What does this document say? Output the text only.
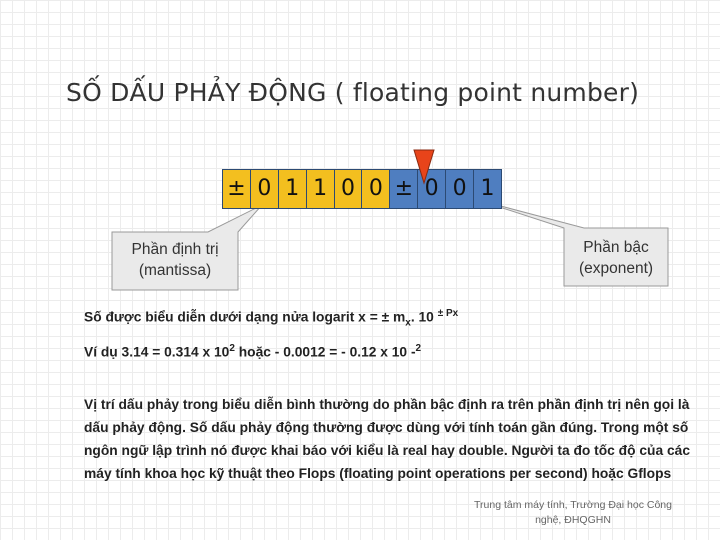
SỐ DẤU PHẢY ĐỘNG ( floating point number)
± 0 1 1 0 0 ± 0 0 1
Phần định trị
(mantissa)
Phần bậc
(exponent)
Số được biểu diễn dưới dạng nửa logarit x = ± $m_x$. 10 $^{\pm Px}$
Ví dụ 3.14 = 0.314 x $10^2$ hoặc - 0.0012 = - 0.12 x 10 -$^2$
Vị trí dấu phảy trong biểu diễn bình thường do phần bậc định ra trên phần định trị nên gọi là dấu phảy động. Số dấu phảy động thường được dùng với tính toán gần đúng. Trong một số ngôn ngữ lập trình nó được khai báo với kiểu là real hay double. Người ta đo tốc độ của các máy tính khoa học kỹ thuật theo Flops (floating point operations per second) hoặc Gflops
Trung tâm máy tính, Trường Đại học Công
nghệ, ĐHQGHN
